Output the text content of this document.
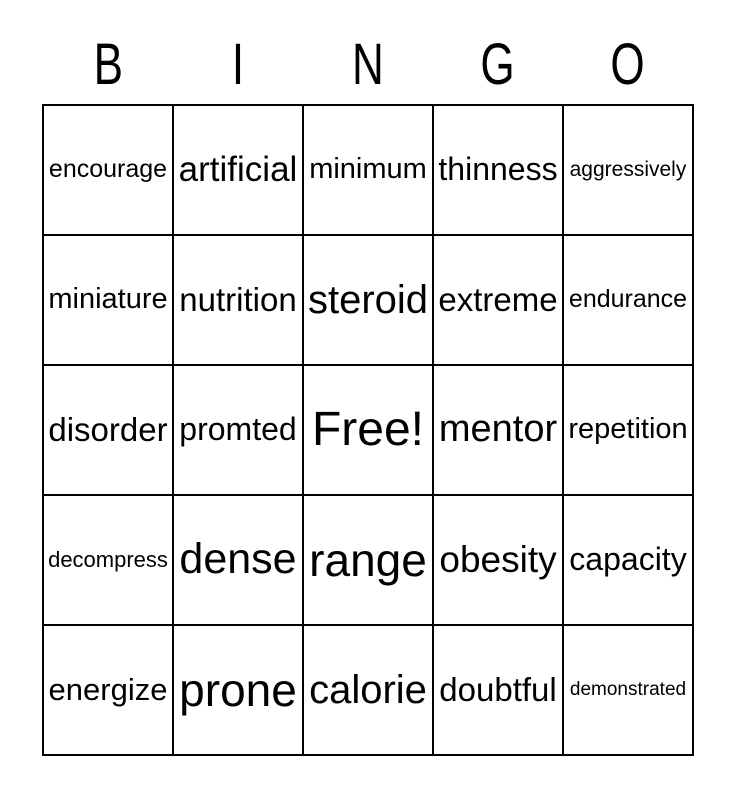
B I N G O
encourage artificial minimum thinness aggressively
miniature nutrition steroid extreme endurance
disorder promted Free! mentor repetition
decompress dense range obesity capacity
energize prone calorie doubtful demonstrated
